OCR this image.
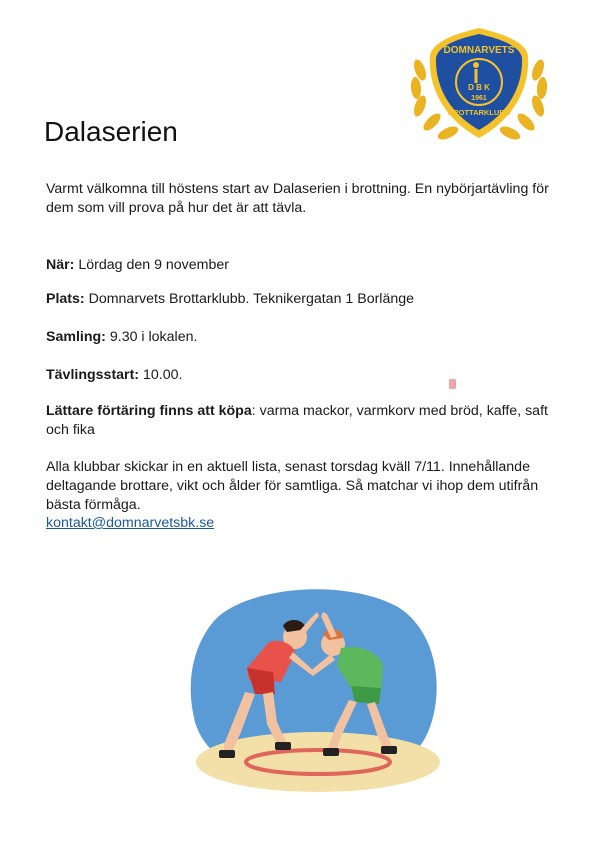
DOMNARVETS
D B K
1961
BROTTARKLUBB
Dalaserien

Varmt välkomna till höstens start av Dalaserien i brottning. En nybörjartävling för dem som vill prova på hur det är att tävla.

När: Lördag den 9 november

Plats: Domnarvets Brottarklubb. Teknikergatan 1 Borlänge

Samling: 9.30 i lokalen.

Tävlingsstart: 10.00.

Lättare förtäring finns att köpa: varma mackor, varmkorv med bröd, kaffe, saft och fika

Alla klubbar skickar in en aktuell lista, senast torsdag kväll 7/11. Innehållande deltagande brottare, vikt och ålder för samtliga. Så matchar vi ihop dem utifrån bästa förmåga.

kontakt@domnarvetsbk.se
